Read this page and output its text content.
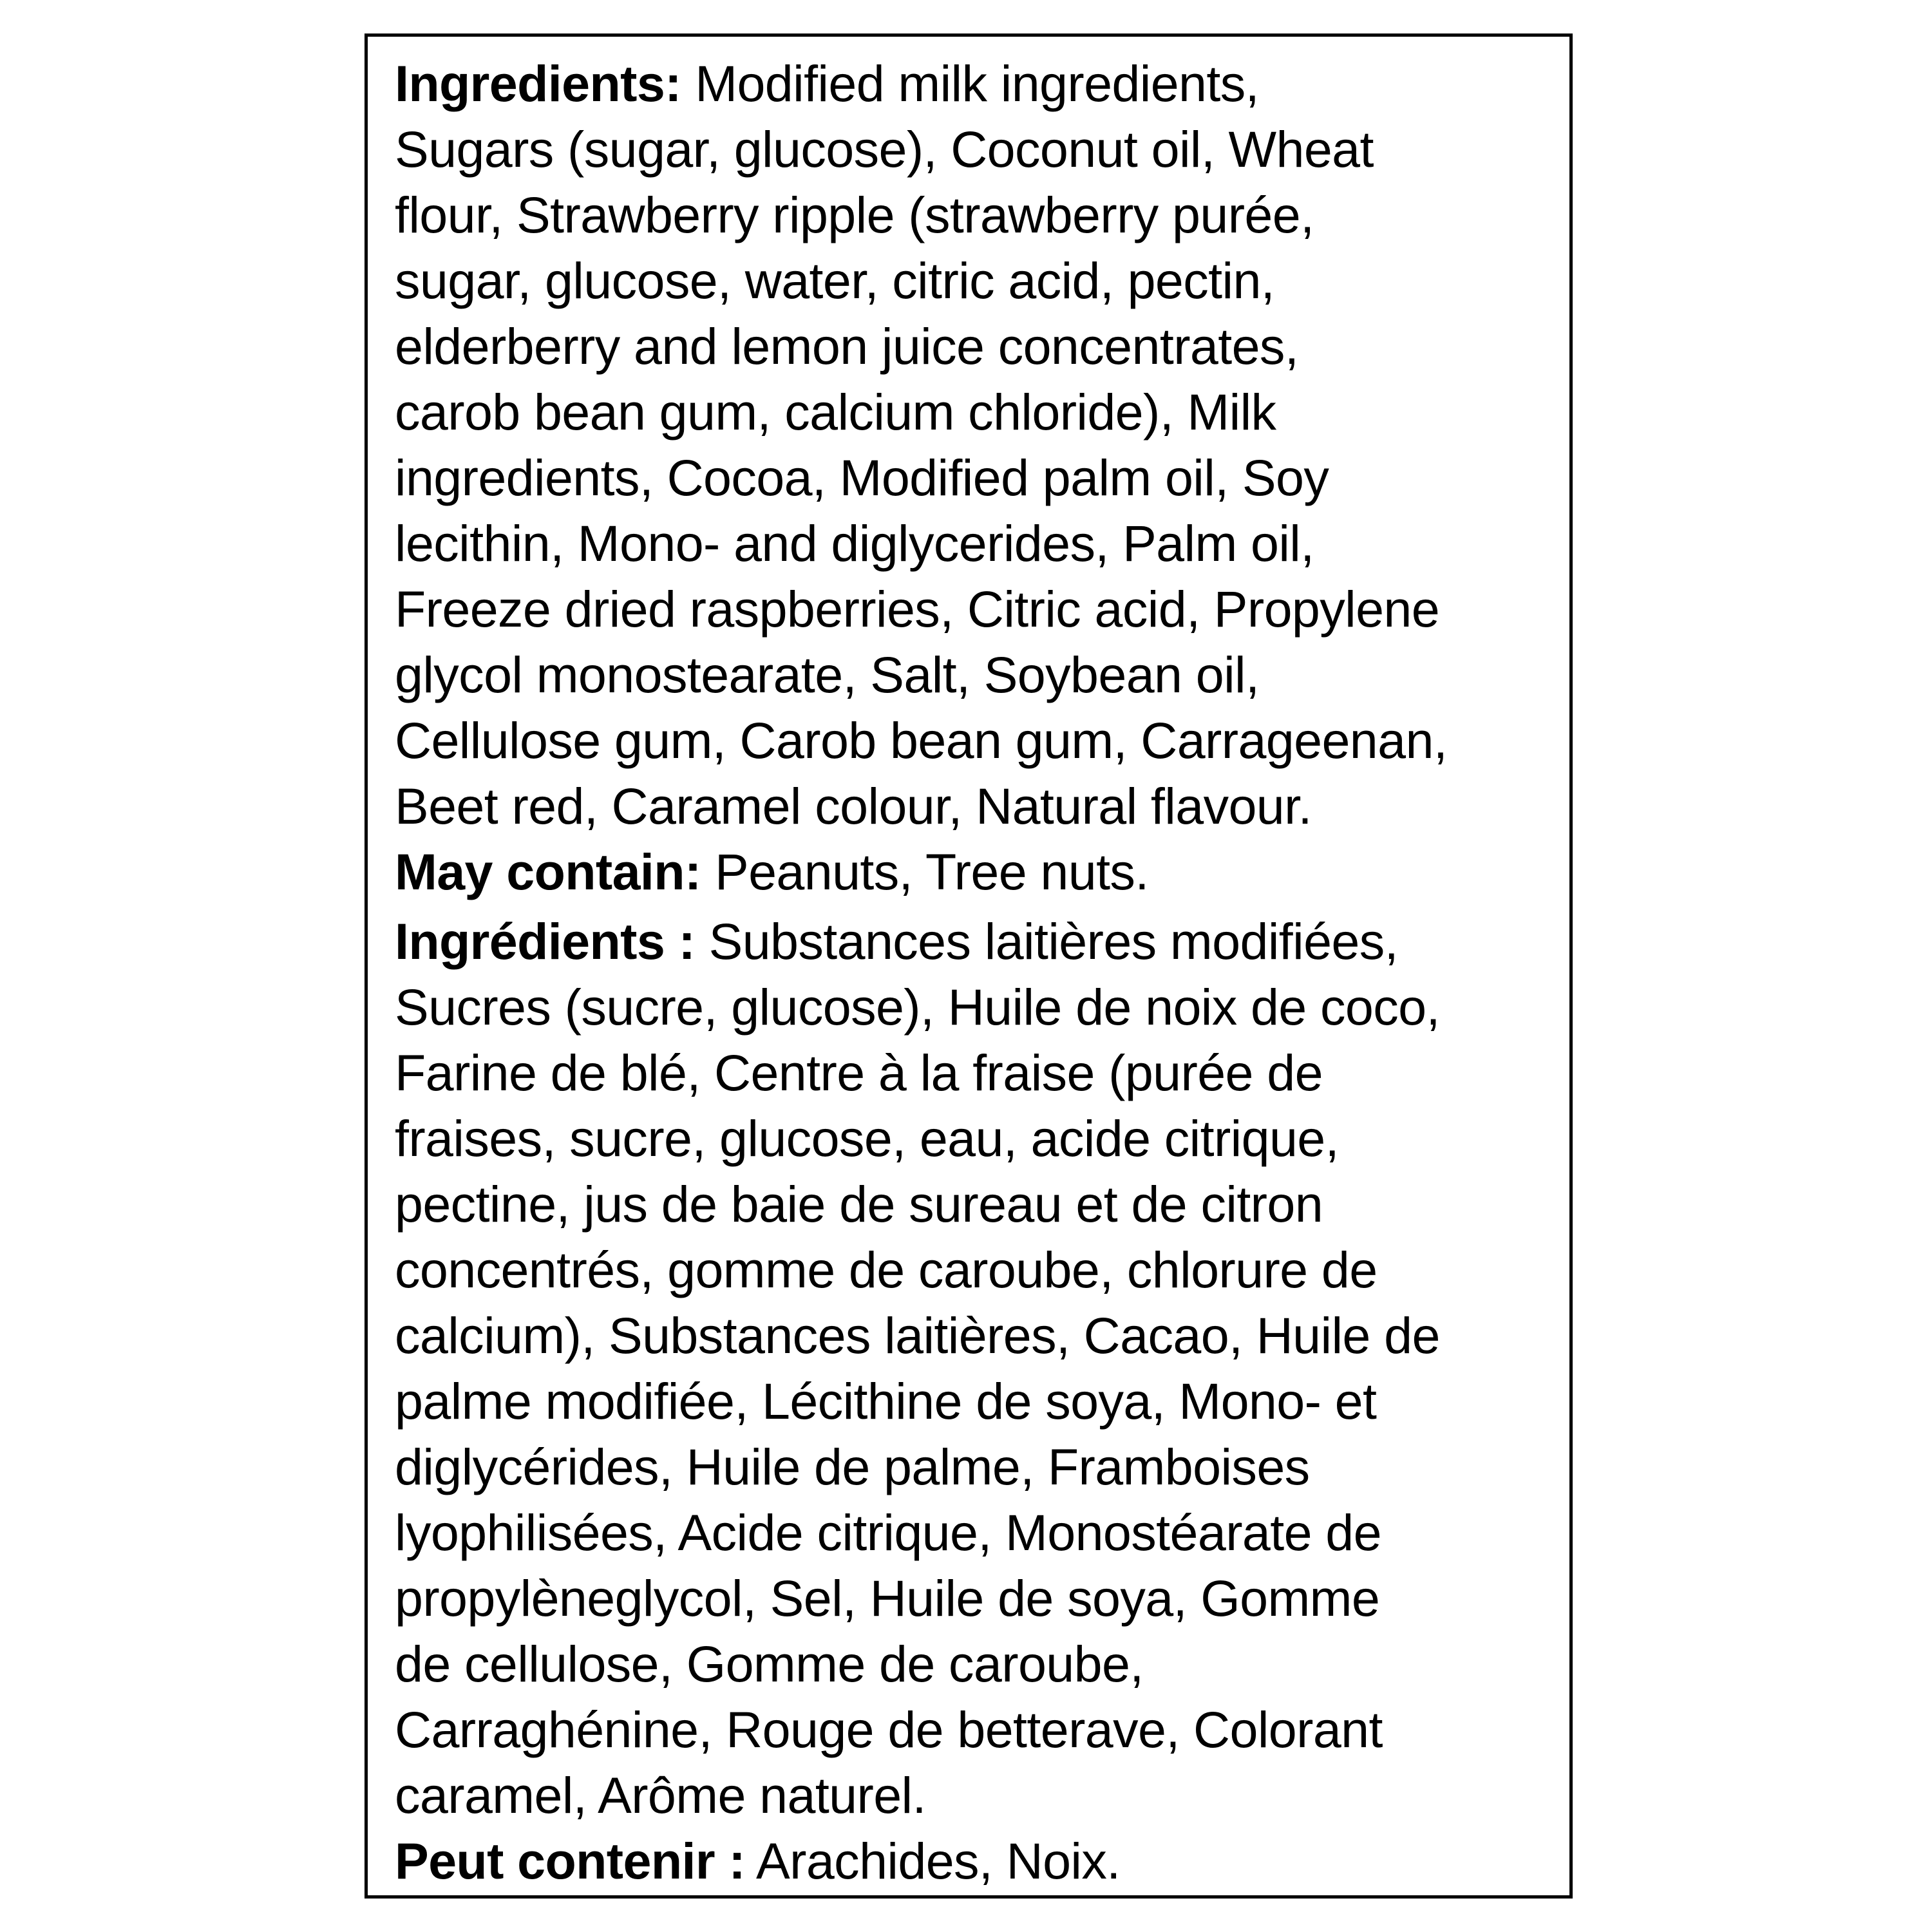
Ingredients: Modified milk ingredients,
Sugars (sugar, glucose), Coconut oil, Wheat
flour, Strawberry ripple (strawberry purée,
sugar, glucose, water, citric acid, pectin,
elderberry and lemon juice concentrates,
carob bean gum, calcium chloride), Milk
ingredients, Cocoa, Modified palm oil, Soy
lecithin, Mono- and diglycerides, Palm oil,
Freeze dried raspberries, Citric acid, Propylene
glycol monostearate, Salt, Soybean oil,
Cellulose gum, Carob bean gum, Carrageenan,
Beet red, Caramel colour, Natural flavour.
May contain: Peanuts, Tree nuts.
Ingrédients : Substances laitières modifiées,
Sucres (sucre, glucose), Huile de noix de coco,
Farine de blé, Centre à la fraise (purée de
fraises, sucre, glucose, eau, acide citrique,
pectine, jus de baie de sureau et de citron
concentrés, gomme de caroube, chlorure de
calcium), Substances laitières, Cacao, Huile de
palme modifiée, Lécithine de soya, Mono- et
diglycérides, Huile de palme, Framboises
lyophilisées, Acide citrique, Monostéarate de
propylèneglycol, Sel, Huile de soya, Gomme
de cellulose, Gomme de caroube,
Carraghénine, Rouge de betterave, Colorant
caramel, Arôme naturel.
Peut contenir : Arachides, Noix.
